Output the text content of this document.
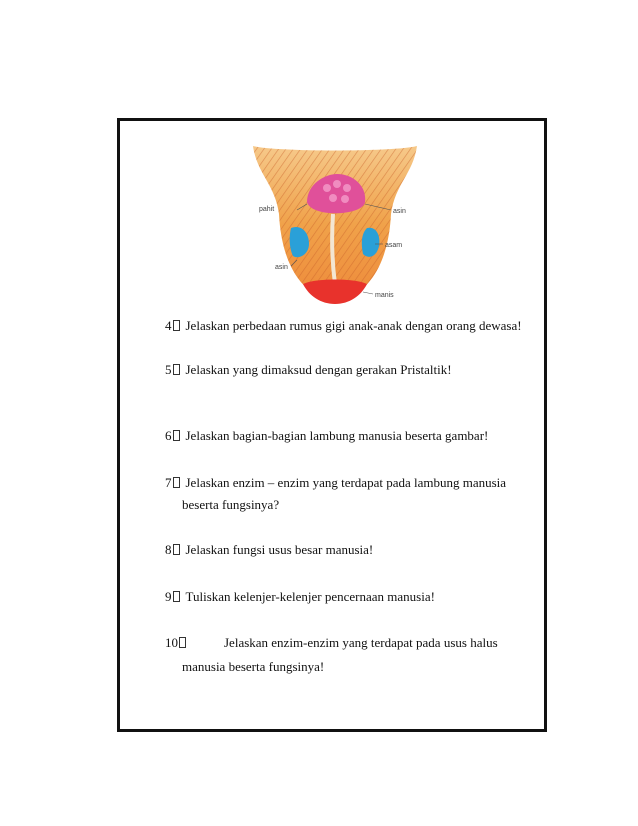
pahit	asin
asam
asin
manis
4 Jelaskan perbedaan rumus gigi anak-anak dengan orang dewasa!
5 Jelaskan yang dimaksud dengan gerakan Pristaltik!
6 Jelaskan bagian-bagian lambung manusia beserta gambar!
7 Jelaskan enzim – enzim yang terdapat pada lambung manusia
beserta fungsinya?
8 Jelaskan fungsi usus besar manusia!
9 Tuliskan kelenjer-kelenjer pencernaan manusia!
10	Jelaskan enzim-enzim yang terdapat pada usus halus
manusia beserta fungsinya!
